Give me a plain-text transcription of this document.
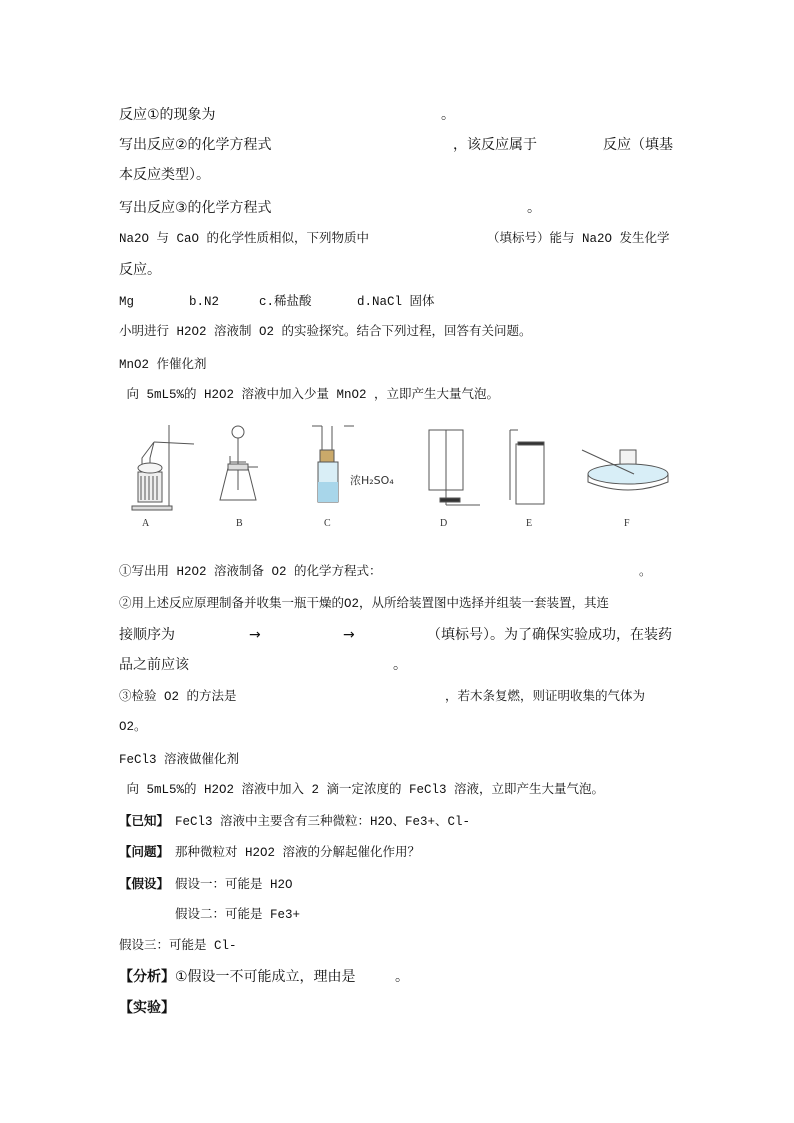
反应①的现象为

	。

写出反应②的化学方程式

	，该反应属于

	反应（填基

本反应类型）。

写出反应③的化学方程式

	。

Na2O 与 CaO 的化学性质相似，下列物质中

	（填标号）能与 Na2O 发生化学

反应。

Mg

	b.N2

	c.稀盐酸

	d.NaCl 固体

小明进行 H2O2 溶液制 O2 的实验探究。结合下列过程，回答有关问题。

MnO2 作催化剂

向 5mL5%的 H2O2 溶液中加入少量 MnO2 ，立即产生大量气泡。

A	B
浓H₂SO₄
C	D	E	F

①写出用 H2O2 溶液制备 O2 的化学方程式：

	。

②用上述反应原理制备并收集一瓶干燥的O2，从所给装置图中选择并组装一套装置，其连

接顺序为

	→

	→

	（填标号）。为了确保实验成功，在装药

品之前应该

	。

③检验 O2 的方法是

	，若木条复燃，则证明收集的气体为

O2。

FeCl3 溶液做催化剂

向 5mL5%的 H2O2 溶液中加入 2 滴一定浓度的 FeCl3 溶液，立即产生大量气泡。

【已知】

FeCl3 溶液中主要含有三种微粒：H2O、Fe3+、Cl-

【问题】

那种微粒对 H2O2 溶液的分解起催化作用？

【假设】

假设一：可能是 H2O

假设二：可能是 Fe3+

假设三：可能是 Cl-

【分析】

①假设一不可能成立，理由是

	。

【实验】
